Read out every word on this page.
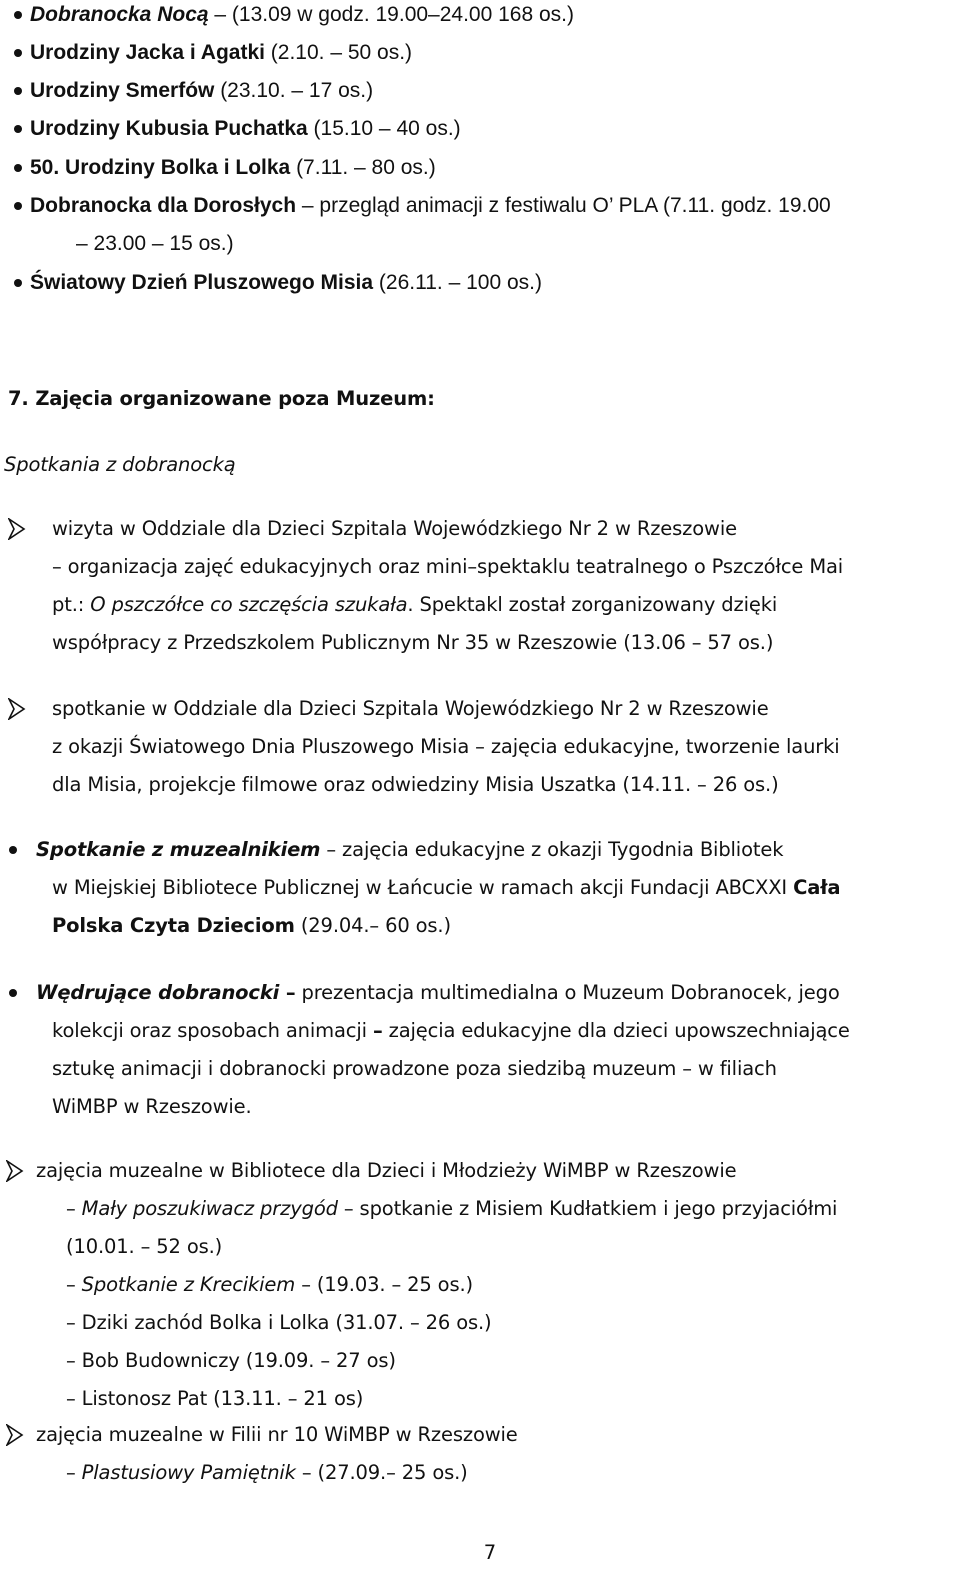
Dobranocka Nocą – (13.09 w godz. 19.00–24.00 168 os.)
Urodziny Jacka i Agatki (2.10. – 50 os.)
Urodziny Smerfów (23.10. – 17 os.)
Urodziny Kubusia Puchatka (15.10 – 40 os.)
50. Urodziny Bolka i Lolka (7.11. – 80 os.)
Dobranocka dla Dorosłych – przegląd animacji z festiwalu O’ PLA (7.11. godz. 19.00
– 23.00 – 15 os.)
Światowy Dzień Pluszowego Misia (26.11. – 100 os.)
7. Zajęcia organizowane poza Muzeum:
Spotkania z dobranocką
wizyta w Oddziale dla Dzieci Szpitala Wojewódzkiego Nr 2 w Rzeszowie
– organizacja zajęć edukacyjnych oraz mini–spektaklu teatralnego o Pszczółce Mai
pt.: O pszczółce co szczęścia szukała. Spektakl został zorganizowany dzięki
współpracy z Przedszkolem Publicznym Nr 35 w Rzeszowie (13.06 – 57 os.)
spotkanie w Oddziale dla Dzieci Szpitala Wojewódzkiego Nr 2 w Rzeszowie
z okazji Światowego Dnia Pluszowego Misia – zajęcia edukacyjne, tworzenie laurki
dla Misia, projekcje filmowe oraz odwiedziny Misia Uszatka (14.11. – 26 os.)
Spotkanie z muzealnikiem – zajęcia edukacyjne z okazji Tygodnia Bibliotek
w Miejskiej Bibliotece Publicznej w Łańcucie w ramach akcji Fundacji ABCXXI Cała
Polska Czyta Dzieciom (29.04.– 60 os.)
Wędrujące dobranocki – prezentacja multimedialna o Muzeum Dobranocek, jego
kolekcji oraz sposobach animacji – zajęcia edukacyjne dla dzieci upowszechniające
sztukę animacji i dobranocki prowadzone poza siedzibą muzeum – w filiach
WiMBP w Rzeszowie.
zajęcia muzealne w Bibliotece dla Dzieci i Młodzieży WiMBP w Rzeszowie
– Mały poszukiwacz przygód – spotkanie z Misiem Kudłatkiem i jego przyjaciółmi
(10.01. – 52 os.)
– Spotkanie z Krecikiem – (19.03. – 25 os.)
– Dziki zachód Bolka i Lolka (31.07. – 26 os.)
– Bob Budowniczy (19.09. – 27 os)
– Listonosz Pat (13.11. – 21 os)
zajęcia muzealne w Filii nr 10 WiMBP w Rzeszowie
– Plastusiowy Pamiętnik – (27.09.– 25 os.)
7
